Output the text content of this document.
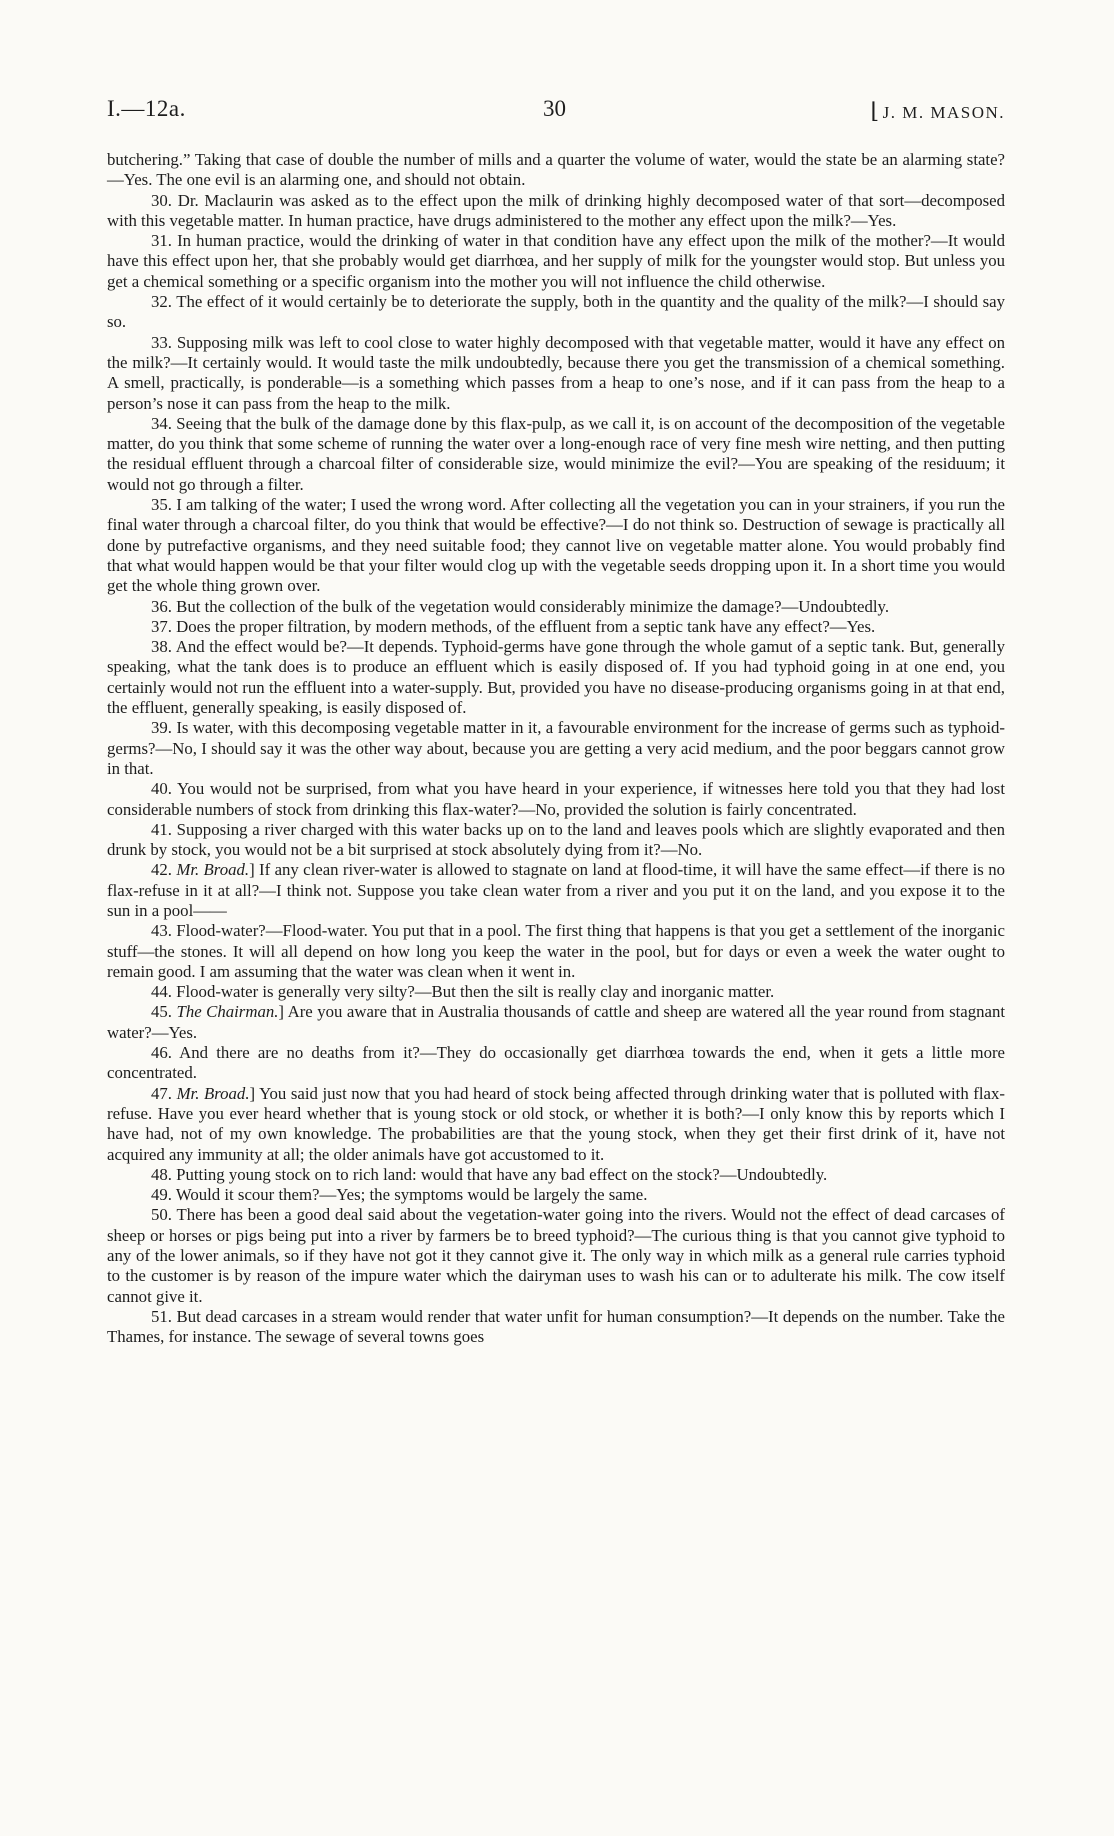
I.—12a.	30	⌊ J. M. MASON.

butchering.” Taking that case of double the number of mills and a quarter the volume of water, would the state be an alarming state?—Yes. The one evil is an alarming one, and should not obtain.

30. Dr. Maclaurin was asked as to the effect upon the milk of drinking highly decomposed water of that sort—decomposed with this vegetable matter. In human practice, have drugs administered to the mother any effect upon the milk?—Yes.

31. In human practice, would the drinking of water in that condition have any effect upon the milk of the mother?—It would have this effect upon her, that she probably would get diarrhœa, and her supply of milk for the youngster would stop. But unless you get a chemical something or a specific organism into the mother you will not influence the child otherwise.

32. The effect of it would certainly be to deteriorate the supply, both in the quantity and the quality of the milk?—I should say so.

33. Supposing milk was left to cool close to water highly decomposed with that vegetable matter, would it have any effect on the milk?—It certainly would. It would taste the milk undoubtedly, because there you get the transmission of a chemical something. A smell, practically, is ponderable—is a something which passes from a heap to one’s nose, and if it can pass from the heap to a person’s nose it can pass from the heap to the milk.

34. Seeing that the bulk of the damage done by this flax-pulp, as we call it, is on account of the decomposition of the vegetable matter, do you think that some scheme of running the water over a long-enough race of very fine mesh wire netting, and then putting the residual effluent through a charcoal filter of considerable size, would minimize the evil?—You are speaking of the residuum; it would not go through a filter.

35. I am talking of the water; I used the wrong word. After collecting all the vegetation you can in your strainers, if you run the final water through a charcoal filter, do you think that would be effective?—I do not think so. Destruction of sewage is practically all done by putrefactive organisms, and they need suitable food; they cannot live on vegetable matter alone. You would probably find that what would happen would be that your filter would clog up with the vegetable seeds dropping upon it. In a short time you would get the whole thing grown over.

36. But the collection of the bulk of the vegetation would considerably minimize the damage?—Undoubtedly.

37. Does the proper filtration, by modern methods, of the effluent from a septic tank have any effect?—Yes.

38. And the effect would be?—It depends. Typhoid-germs have gone through the whole gamut of a septic tank. But, generally speaking, what the tank does is to produce an effluent which is easily disposed of. If you had typhoid going in at one end, you certainly would not run the effluent into a water-supply. But, provided you have no disease-producing organisms going in at that end, the effluent, generally speaking, is easily disposed of.

39. Is water, with this decomposing vegetable matter in it, a favourable environment for the increase of germs such as typhoid-germs?—No, I should say it was the other way about, because you are getting a very acid medium, and the poor beggars cannot grow in that.

40. You would not be surprised, from what you have heard in your experience, if witnesses here told you that they had lost considerable numbers of stock from drinking this flax-water?—No, provided the solution is fairly concentrated.

41. Supposing a river charged with this water backs up on to the land and leaves pools which are slightly evaporated and then drunk by stock, you would not be a bit surprised at stock absolutely dying from it?—No.

42. Mr. Broad.] If any clean river-water is allowed to stagnate on land at flood-time, it will have the same effect—if there is no flax-refuse in it at all?—I think not. Suppose you take clean water from a river and you put it on the land, and you expose it to the sun in a pool——

43. Flood-water?—Flood-water. You put that in a pool. The first thing that happens is that you get a settlement of the inorganic stuff—the stones. It will all depend on how long you keep the water in the pool, but for days or even a week the water ought to remain good. I am assuming that the water was clean when it went in.

44. Flood-water is generally very silty?—But then the silt is really clay and inorganic matter.

45. The Chairman.] Are you aware that in Australia thousands of cattle and sheep are watered all the year round from stagnant water?—Yes.

46. And there are no deaths from it?—They do occasionally get diarrhœa towards the end, when it gets a little more concentrated.

47. Mr. Broad.] You said just now that you had heard of stock being affected through drinking water that is polluted with flax-refuse. Have you ever heard whether that is young stock or old stock, or whether it is both?—I only know this by reports which I have had, not of my own knowledge. The probabilities are that the young stock, when they get their first drink of it, have not acquired any immunity at all; the older animals have got accustomed to it.

48. Putting young stock on to rich land: would that have any bad effect on the stock?—Undoubtedly.

49. Would it scour them?—Yes; the symptoms would be largely the same.

50. There has been a good deal said about the vegetation-water going into the rivers. Would not the effect of dead carcases of sheep or horses or pigs being put into a river by farmers be to breed typhoid?—The curious thing is that you cannot give typhoid to any of the lower animals, so if they have not got it they cannot give it. The only way in which milk as a general rule carries typhoid to the customer is by reason of the impure water which the dairyman uses to wash his can or to adulterate his milk. The cow itself cannot give it.

51. But dead carcases in a stream would render that water unfit for human consumption?—It depends on the number. Take the Thames, for instance. The sewage of several towns goes
